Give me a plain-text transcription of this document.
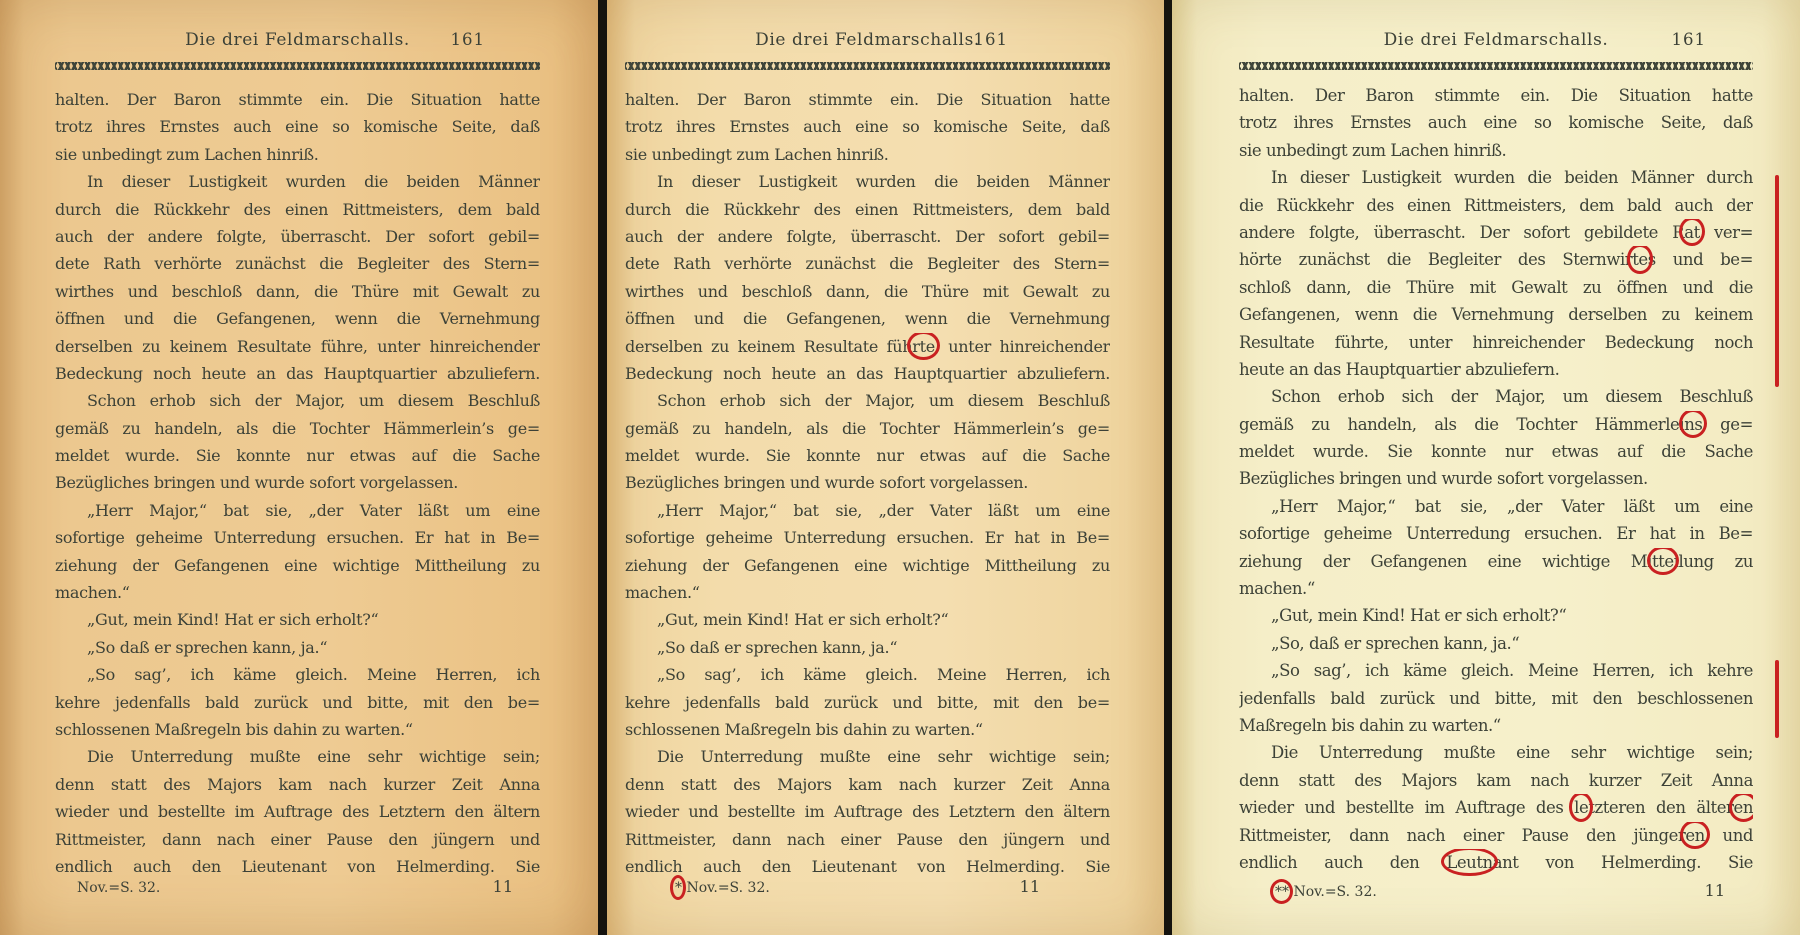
Die drei Feldmarschalls. 161
halten. Der Baron stimmte ein. Die Situation hatte
trotz ihres Ernstes auch eine so komische Seite, daß
sie unbedingt zum Lachen hinriß.
In dieser Lustigkeit wurden die beiden Männer
durch die Rückkehr des einen Rittmeisters, dem bald
auch der andere folgte, überrascht. Der sofort gebil=
dete Rath verhörte zunächst die Begleiter des Stern=
wirthes und beschloß dann, die Thüre mit Gewalt zu
öffnen und die Gefangenen, wenn die Vernehmung
derselben zu keinem Resultate führe, unter hinreichender
Bedeckung noch heute an das Hauptquartier abzuliefern.
Schon erhob sich der Major, um diesem Beschluß
gemäß zu handeln, als die Tochter Hämmerlein’s ge=
meldet wurde. Sie konnte nur etwas auf die Sache
Bezügliches bringen und wurde sofort vorgelassen.
„Herr Major,“ bat sie, „der Vater läßt um eine
sofortige geheime Unterredung ersuchen. Er hat in Be=
ziehung der Gefangenen eine wichtige Mittheilung zu
machen.“
„Gut, mein Kind! Hat er sich erholt?“
„So daß er sprechen kann, ja.“
„So sag’, ich käme gleich. Meine Herren, ich
kehre jedenfalls bald zurück und bitte, mit den be=
schlossenen Maßregeln bis dahin zu warten.“
Die Unterredung mußte eine sehr wichtige sein;
denn statt des Majors kam nach kurzer Zeit Anna
wieder und bestellte im Auftrage des Letztern den ältern
Rittmeister, dann nach einer Pause den jüngern und
endlich auch den Lieutenant von Helmerding. Sie
Nov.=S. 32.	11
Die drei Feldmarschalls.
161
halten. Der Baron stimmte ein. Die Situation hatte
trotz ihres Ernstes auch eine so komische Seite, daß
sie unbedingt zum Lachen hinriß.
In dieser Lustigkeit wurden die beiden Männer
durch die Rückkehr des einen Rittmeisters, dem bald
auch der andere folgte, überrascht. Der sofort gebil=
dete Rath verhörte zunächst die Begleiter des Stern=
wirthes und beschloß dann, die Thüre mit Gewalt zu
öffnen und die Gefangenen, wenn die Vernehmung
derselben zu keinem Resultate führte, unter hinreichender
Bedeckung noch heute an das Hauptquartier abzuliefern.
Schon erhob sich der Major, um diesem Beschluß
gemäß zu handeln, als die Tochter Hämmerlein’s ge=
meldet wurde. Sie konnte nur etwas auf die Sache
Bezügliches bringen und wurde sofort vorgelassen.
„Herr Major,“ bat sie, „der Vater läßt um eine
sofortige geheime Unterredung ersuchen. Er hat in Be=
ziehung der Gefangenen eine wichtige Mittheilung zu
machen.“
„Gut, mein Kind! Hat er sich erholt?“
„So daß er sprechen kann, ja.“
„So sag’, ich käme gleich. Meine Herren, ich
kehre jedenfalls bald zurück und bitte, mit den be=
schlossenen Maßregeln bis dahin zu warten.“
Die Unterredung mußte eine sehr wichtige sein;
denn statt des Majors kam nach kurzer Zeit Anna
wieder und bestellte im Auftrage des Letztern den ältern
Rittmeister, dann nach einer Pause den jüngern und
endlich auch den Lieutenant von Helmerding. Sie
* Nov.=S. 32.	11
Die drei Feldmarschalls.	161
halten. Der Baron stimmte ein. Die Situation hatte
trotz ihres Ernstes auch eine so komische Seite, daß
sie unbedingt zum Lachen hinriß.
In dieser Lustigkeit wurden die beiden Männer durch
die Rückkehr des einen Rittmeisters, dem bald auch der
andere folgte, überrascht. Der sofort gebildete Rat ver=
hörte zunächst die Begleiter des Sternwirtes und be=
schloß dann, die Thüre mit Gewalt zu öffnen und die
Gefangenen, wenn die Vernehmung derselben zu keinem
Resultate führte, unter hinreichender Bedeckung noch
heute an das Hauptquartier abzuliefern.
Schon erhob sich der Major, um diesem Beschluß
gemäß zu handeln, als die Tochter Hämmerleins ge=
meldet wurde. Sie konnte nur etwas auf die Sache
Bezügliches bringen und wurde sofort vorgelassen.
„Herr Major,“ bat sie, „der Vater läßt um eine
sofortige geheime Unterredung ersuchen. Er hat in Be=
ziehung der Gefangenen eine wichtige Mitteilung zu
machen.“
„Gut, mein Kind! Hat er sich erholt?“
„So, daß er sprechen kann, ja.“
„So sag’, ich käme gleich. Meine Herren, ich kehre
jedenfalls bald zurück und bitte, mit den beschlossenen
Maßregeln bis dahin zu warten.“
Die Unterredung mußte eine sehr wichtige sein;
denn statt des Majors kam nach kurzer Zeit Anna
wieder und bestellte im Auftrage des letzteren den älteren
Rittmeister, dann nach einer Pause den jüngeren und
endlich auch den Leutnant von Helmerding. Sie
** Nov.=S. 32.	11
